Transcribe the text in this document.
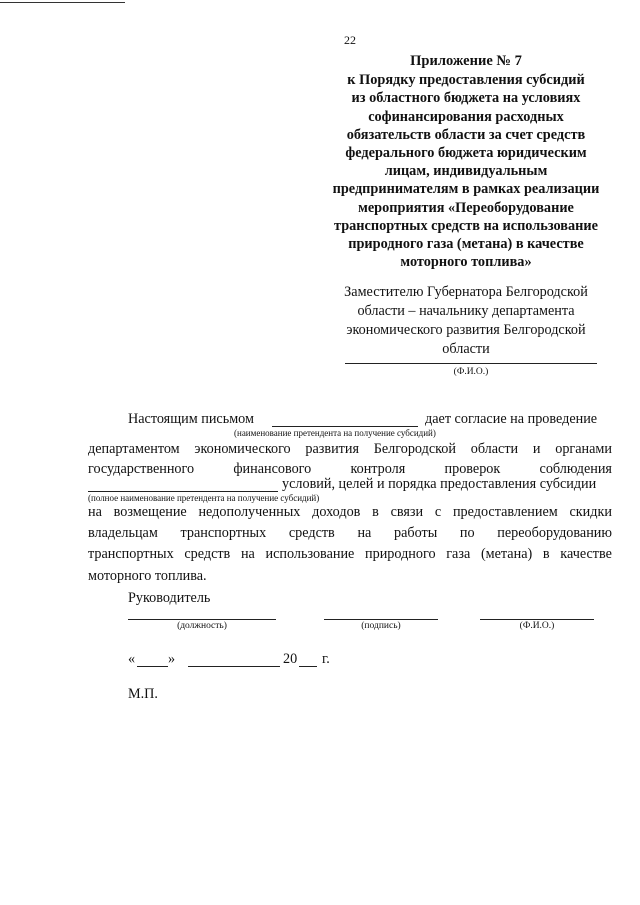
22
Приложение № 7
к Порядку предоставления субсидий
из областного бюджета на условиях
софинансирования расходных
обязательств области за счет средств
федерального бюджета юридическим
лицам, индивидуальным
предпринимателям в рамках реализации
мероприятия «Переоборудование
транспортных средств на использование
природного газа (метана) в качестве
моторного топлива»
Заместителю Губернатора Белгородской
области – начальнику департамента
экономического развития Белгородской
области
(Ф.И.О.)
Настоящим письмом	дает согласие на проведение
(наименование претендента на получение субсидий)
департаментом экономического развития Белгородской области и органами
государственного	финансового	контроля	проверок	соблюдения
условий, целей и порядка предоставления субсидии
(полное наименование претендента на получение субсидий)
на возмещение недополученных доходов в связи с предоставлением скидки
владельцам транспортных средств на работы по переоборудованию
транспортных средств на использование природного газа (метана) в качестве
моторного топлива.
Руководитель
(должность)	(подпись)	(Ф.И.О.)
« »	20 г.
М.П.
